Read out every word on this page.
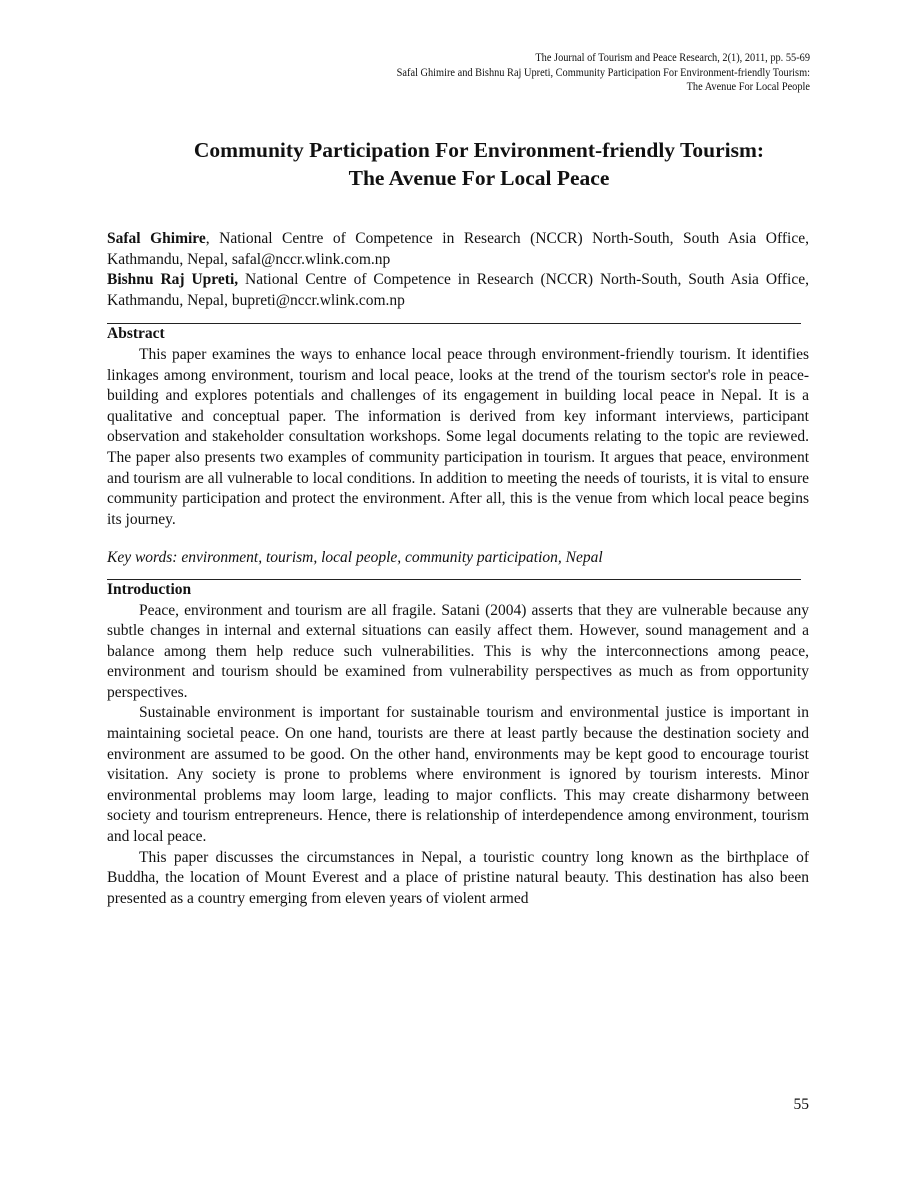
The Journal of Tourism and Peace Research, 2(1), 2011, pp. 55-69
Safal Ghimire and Bishnu Raj Upreti, Community Participation For Environment-friendly Tourism:
The Avenue For Local People
Community Participation For Environment-friendly Tourism:
The Avenue For Local Peace

Safal Ghimire, National Centre of Competence in Research (NCCR) North-South, South Asia Office, Kathmandu, Nepal, safal@nccr.wlink.com.np

Bishnu Raj Upreti, National Centre of Competence in Research (NCCR) North-South, South Asia Office, Kathmandu, Nepal, bupreti@nccr.wlink.com.np

Abstract

This paper examines the ways to enhance local peace through environment-friendly tourism. It identifies linkages among environment, tourism and local peace, looks at the trend of the tourism sector's role in peace-building and explores potentials and challenges of its engagement in building local peace in Nepal. It is a qualitative and conceptual paper. The information is derived from key informant interviews, participant observation and stakeholder consultation workshops. Some legal documents relating to the topic are reviewed. The paper also presents two examples of community participation in tourism. It argues that peace, environment and tourism are all vulnerable to local conditions. In addition to meeting the needs of tourists, it is vital to ensure community participation and protect the environment. After all, this is the venue from which local peace begins its journey.

Key words: environment, tourism, local people, community participation, Nepal

Introduction

Peace, environment and tourism are all fragile. Satani (2004) asserts that they are vulnerable because any subtle changes in internal and external situations can easily affect them. However, sound management and a balance among them help reduce such vulnerabilities. This is why the interconnections among peace, environment and tourism should be examined from vulnerability perspectives as much as from opportunity perspectives.

Sustainable environment is important for sustainable tourism and environmental justice is important in maintaining societal peace. On one hand, tourists are there at least partly because the destination society and environment are assumed to be good. On the other hand, environments may be kept good to encourage tourist visitation. Any society is prone to problems where environment is ignored by tourism interests. Minor environmental problems may loom large, leading to major conflicts. This may create disharmony between society and tourism entrepreneurs. Hence, there is relationship of interdependence among environment, tourism and local peace.

This paper discusses the circumstances in Nepal, a touristic country long known as the birthplace of Buddha, the location of Mount Everest and a place of pristine natural beauty. This destination has also been presented as a country emerging from eleven years of violent armed

55
